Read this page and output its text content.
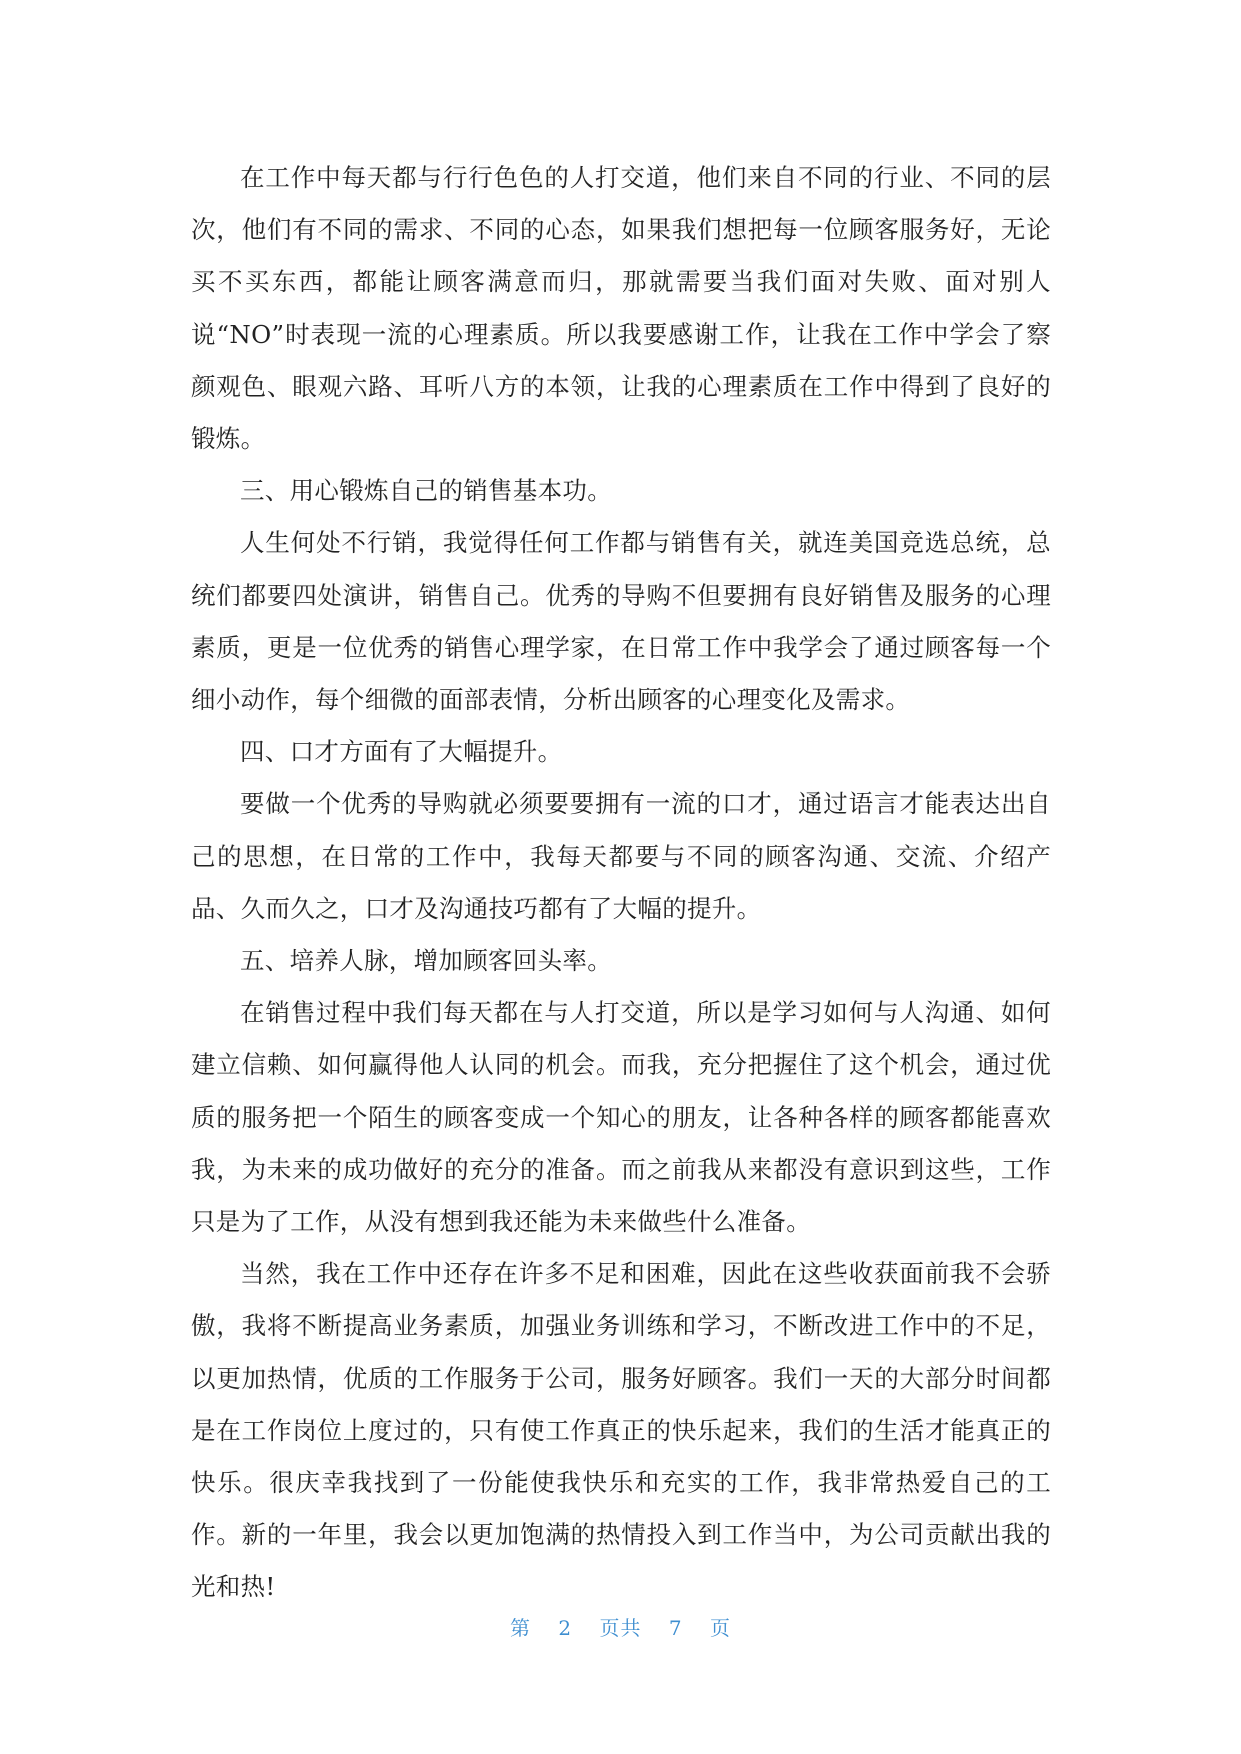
在工作中每天都与行行色色的人打交道，他们来自不同的行业、不同的层次，他们有不同的需求、不同的心态，如果我们想把每一位顾客服务好，无论买不买东西，都能让顾客满意而归，那就需要当我们面对失败、面对别人说“NO”时表现一流的心理素质。所以我要感谢工作，让我在工作中学会了察颜观色、眼观六路、耳听八方的本领，让我的心理素质在工作中得到了良好的锻炼。

三、用心锻炼自己的销售基本功。

人生何处不行销，我觉得任何工作都与销售有关，就连美国竞选总统，总统们都要四处演讲，销售自己。优秀的导购不但要拥有良好销售及服务的心理素质，更是一位优秀的销售心理学家，在日常工作中我学会了通过顾客每一个细小动作，每个细微的面部表情，分析出顾客的心理变化及需求。

四、口才方面有了大幅提升。

要做一个优秀的导购就必须要要拥有一流的口才，通过语言才能表达出自己的思想，在日常的工作中，我每天都要与不同的顾客沟通、交流、介绍产品、久而久之，口才及沟通技巧都有了大幅的提升。

五、培养人脉，增加顾客回头率。

在销售过程中我们每天都在与人打交道，所以是学习如何与人沟通、如何建立信赖、如何赢得他人认同的机会。而我，充分把握住了这个机会，通过优质的服务把一个陌生的顾客变成一个知心的朋友，让各种各样的顾客都能喜欢我，为未来的成功做好的充分的准备。而之前我从来都没有意识到这些，工作只是为了工作，从没有想到我还能为未来做些什么准备。

当然，我在工作中还存在许多不足和困难，因此在这些收获面前我不会骄傲，我将不断提高业务素质，加强业务训练和学习，不断改进工作中的不足，以更加热情，优质的工作服务于公司，服务好顾客。我们一天的大部分时间都是在工作岗位上度过的，只有使工作真正的快乐起来，我们的生活才能真正的快乐。很庆幸我找到了一份能使我快乐和充实的工作，我非常热爱自己的工作。新的一年里，我会以更加饱满的热情投入到工作当中，为公司贡献出我的光和热!

第 2 页共 7 页
